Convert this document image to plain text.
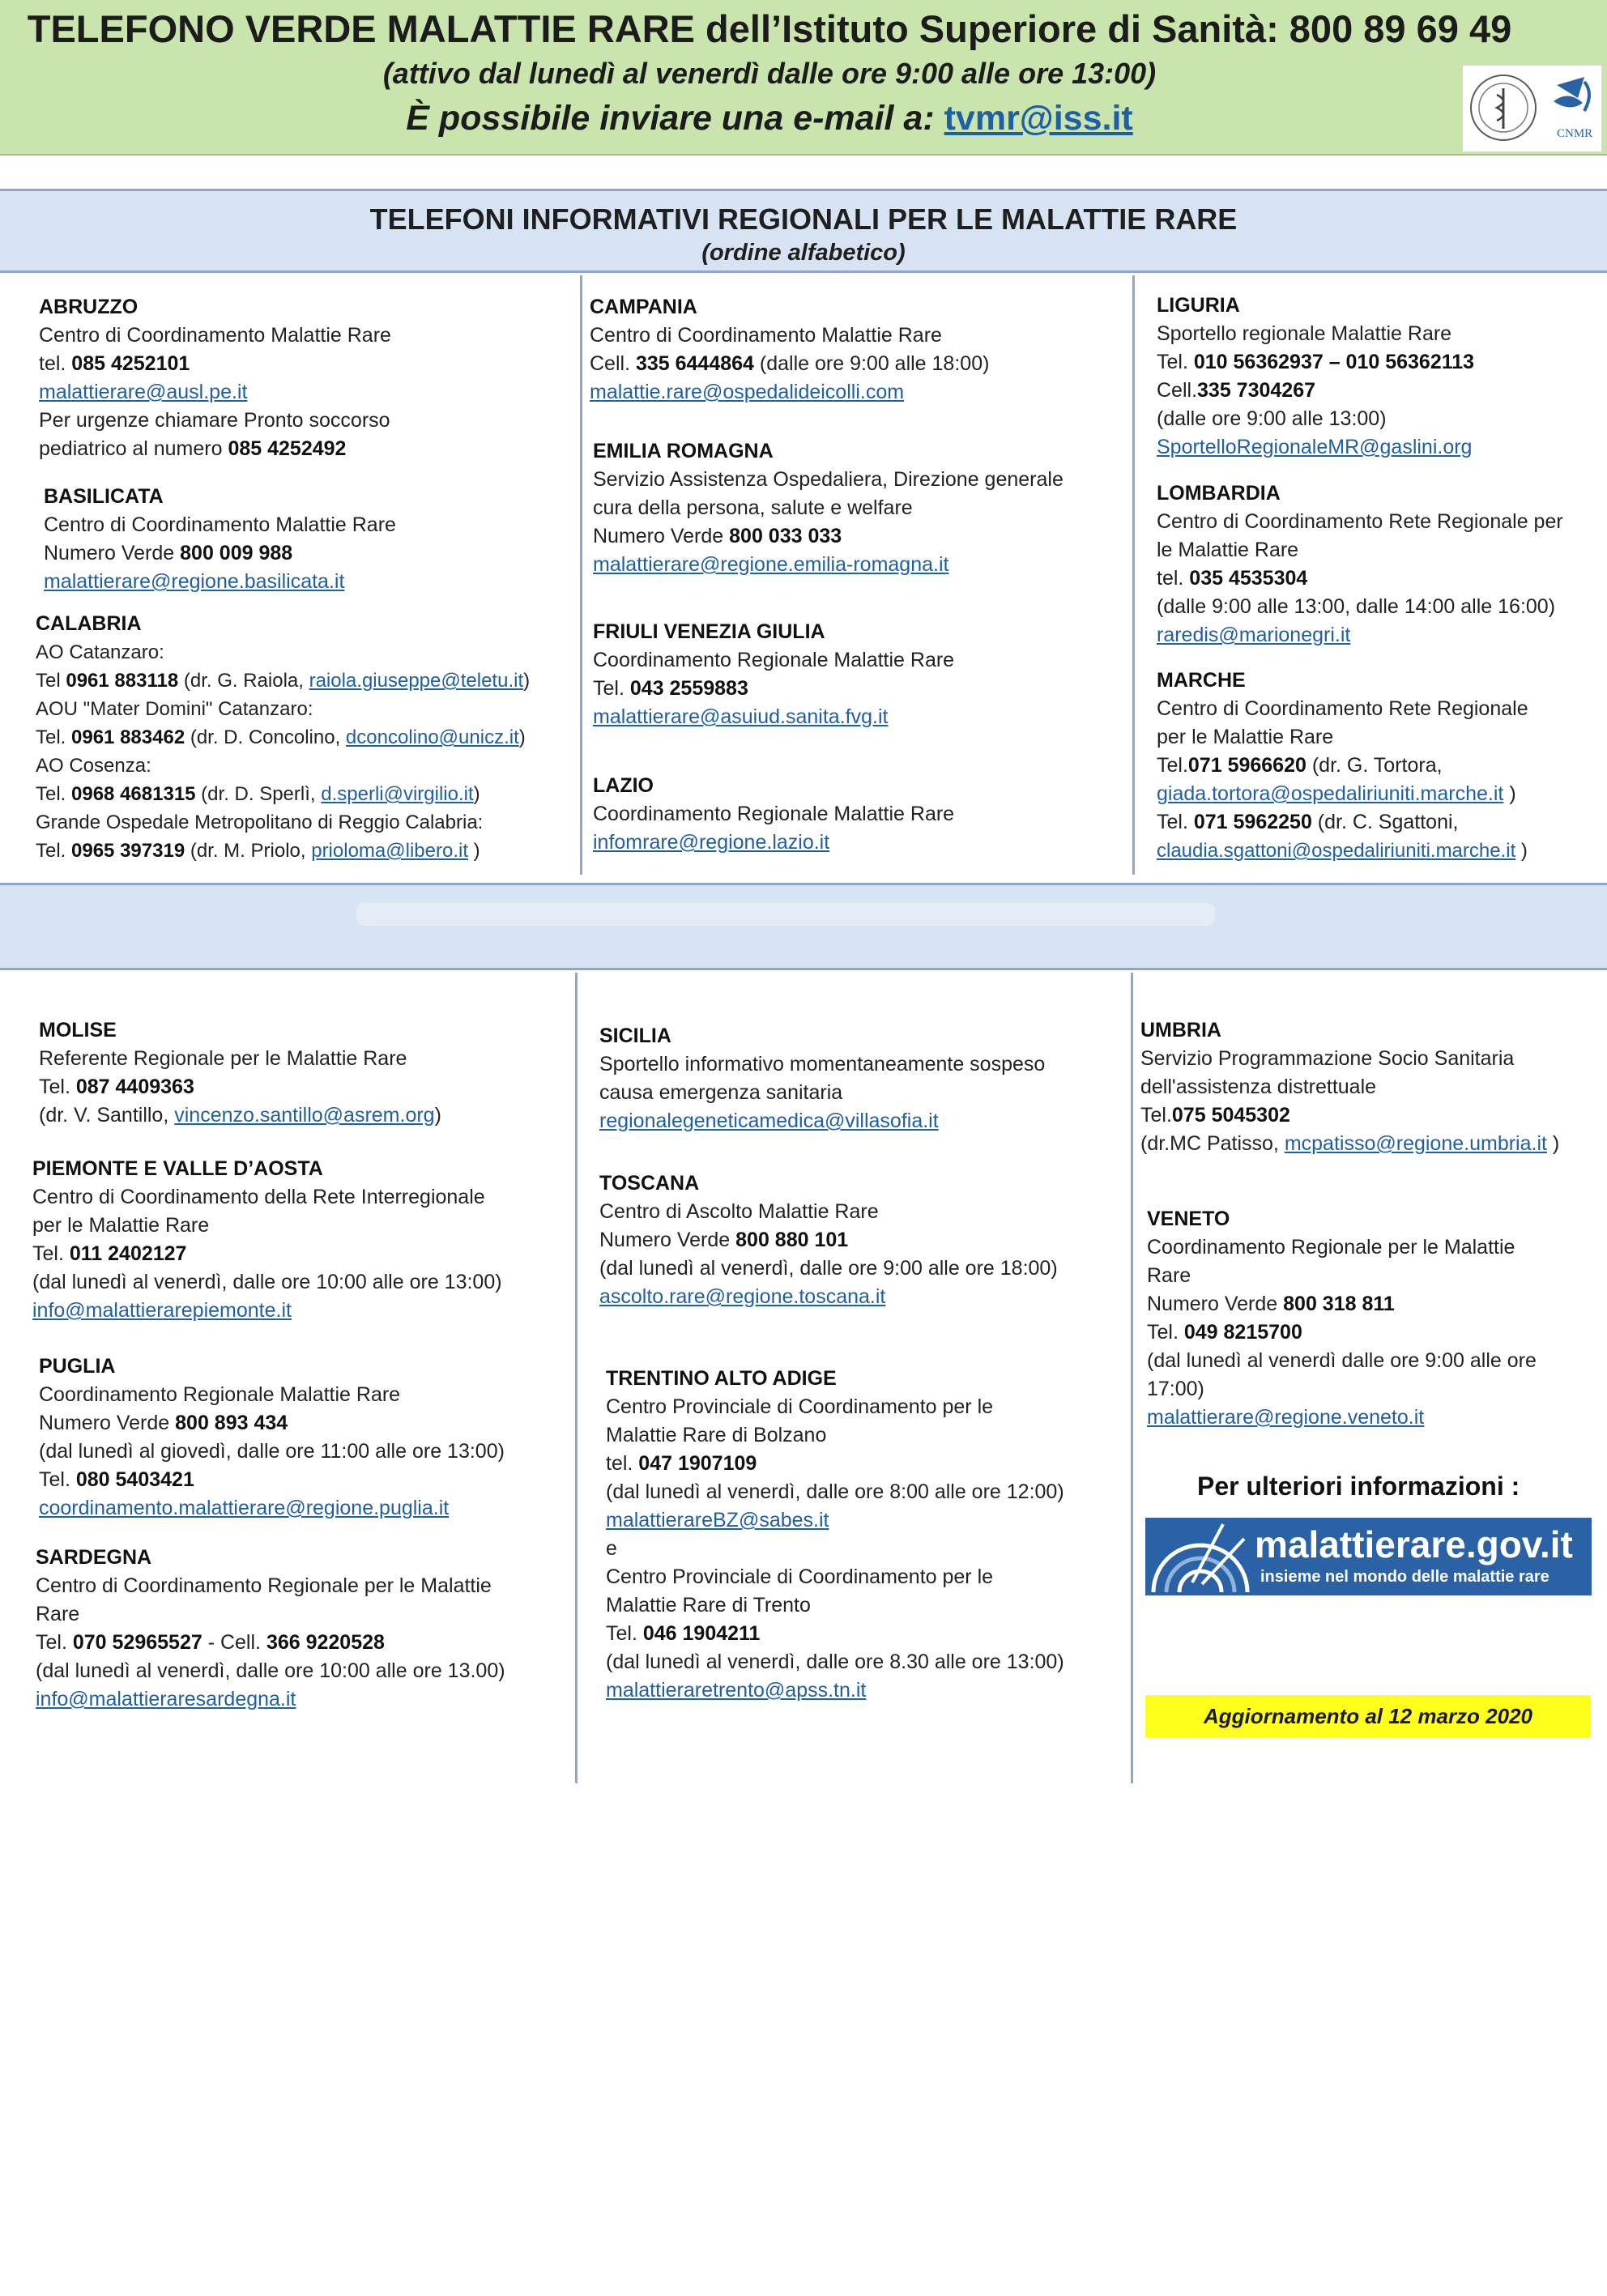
TELEFONO VERDE MALATTIE RARE dell’Istituto Superiore di Sanità: 800 89 69 49
(attivo dal lunedì al venerdì dalle ore 9:00 alle ore 13:00)
È possibile inviare una e-mail a: tvmr@iss.it	CNMR
TELEFONI INFORMATIVI REGIONALI PER LE MALATTIE RARE
(ordine alfabetico)
ABRUZZO
Centro di Coordinamento Malattie Rare
tel. 085 4252101
malattierare@ausl.pe.it
Per urgenze chiamare Pronto soccorso
pediatrico al numero 085 4252492
BASILICATA
Centro di Coordinamento Malattie Rare
Numero Verde 800 009 988
malattierare@regione.basilicata.it
CALABRIA
AO Catanzaro:
Tel 0961 883118 (dr. G. Raiola, raiola.giuseppe@teletu.it)
AOU "Mater Domini" Catanzaro:
Tel. 0961 883462 (dr. D. Concolino, dconcolino@unicz.it)
AO Cosenza:
Tel. 0968 4681315 (dr. D. Sperlì, d.sperli@virgilio.it)
Grande Ospedale Metropolitano di Reggio Calabria:
Tel. 0965 397319 (dr. M. Priolo, prioloma@libero.it )
CAMPANIA
Centro di Coordinamento Malattie Rare
Cell. 335 6444864 (dalle ore 9:00 alle 18:00)
malattie.rare@ospedalideicolli.com
EMILIA ROMAGNA
Servizio Assistenza Ospedaliera, Direzione generale
cura della persona, salute e welfare
Numero Verde 800 033 033
malattierare@regione.emilia-romagna.it
FRIULI VENEZIA GIULIA
Coordinamento Regionale Malattie Rare
Tel. 043 2559883
malattierare@asuiud.sanita.fvg.it
LAZIO
Coordinamento Regionale Malattie Rare
infomrare@regione.lazio.it
LIGURIA
Sportello regionale Malattie Rare
Tel. 010 56362937 – 010 56362113
Cell.335 7304267
(dalle ore 9:00 alle 13:00)
SportelloRegionaleMR@gaslini.org
LOMBARDIA
Centro di Coordinamento Rete Regionale per
le Malattie Rare
tel. 035 4535304
(dalle 9:00 alle 13:00, dalle 14:00 alle 16:00)
raredis@marionegri.it
MARCHE
Centro di Coordinamento Rete Regionale
per le Malattie Rare
Tel.071 5966620 (dr. G. Tortora,
giada.tortora@ospedaliriuniti.marche.it )
Tel. 071 5962250 (dr. C. Sgattoni,
claudia.sgattoni@ospedaliriuniti.marche.it )
MOLISE
Referente Regionale per le Malattie Rare
Tel. 087 4409363
(dr. V. Santillo, vincenzo.santillo@asrem.org)
PIEMONTE E VALLE D’AOSTA
Centro di Coordinamento della Rete Interregionale
per le Malattie Rare
Tel. 011 2402127
(dal lunedì al venerdì, dalle ore 10:00 alle ore 13:00)
info@malattierarepiemonte.it
PUGLIA
Coordinamento Regionale Malattie Rare
Numero Verde 800 893 434
(dal lunedì al giovedì, dalle ore 11:00 alle ore 13:00)
Tel. 080 5403421
coordinamento.malattierare@regione.puglia.it
SARDEGNA
Centro di Coordinamento Regionale per le Malattie
Rare
Tel. 070 52965527 - Cell. 366 9220528
(dal lunedì al venerdì, dalle ore 10:00 alle ore 13.00)
info@malattieraresardegna.it
SICILIA
Sportello informativo momentaneamente sospeso
causa emergenza sanitaria
regionalegeneticamedica@villasofia.it
TOSCANA
Centro di Ascolto Malattie Rare
Numero Verde 800 880 101
(dal lunedì al venerdì, dalle ore 9:00 alle ore 18:00)
ascolto.rare@regione.toscana.it
TRENTINO ALTO ADIGE
Centro Provinciale di Coordinamento per le
Malattie Rare di Bolzano
tel. 047 1907109
(dal lunedì al venerdì, dalle ore 8:00 alle ore 12:00)
malattierareBZ@sabes.it
e
Centro Provinciale di Coordinamento per le
Malattie Rare di Trento
Tel. 046 1904211
(dal lunedì al venerdì, dalle ore 8.30 alle ore 13:00)
malattieraretrento@apss.tn.it
UMBRIA
Servizio Programmazione Socio Sanitaria
dell'assistenza distrettuale
Tel.075 5045302
(dr.MC Patisso, mcpatisso@regione.umbria.it )
VENETO
Coordinamento Regionale per le Malattie
Rare
Numero Verde 800 318 811
Tel. 049 8215700
(dal lunedì al venerdì dalle ore 9:00 alle ore
17:00)
malattierare@regione.veneto.it
Per ulteriori informazioni :
malattierare.gov.it
insieme nel mondo delle malattie rare
Aggiornamento al 12 marzo 2020
